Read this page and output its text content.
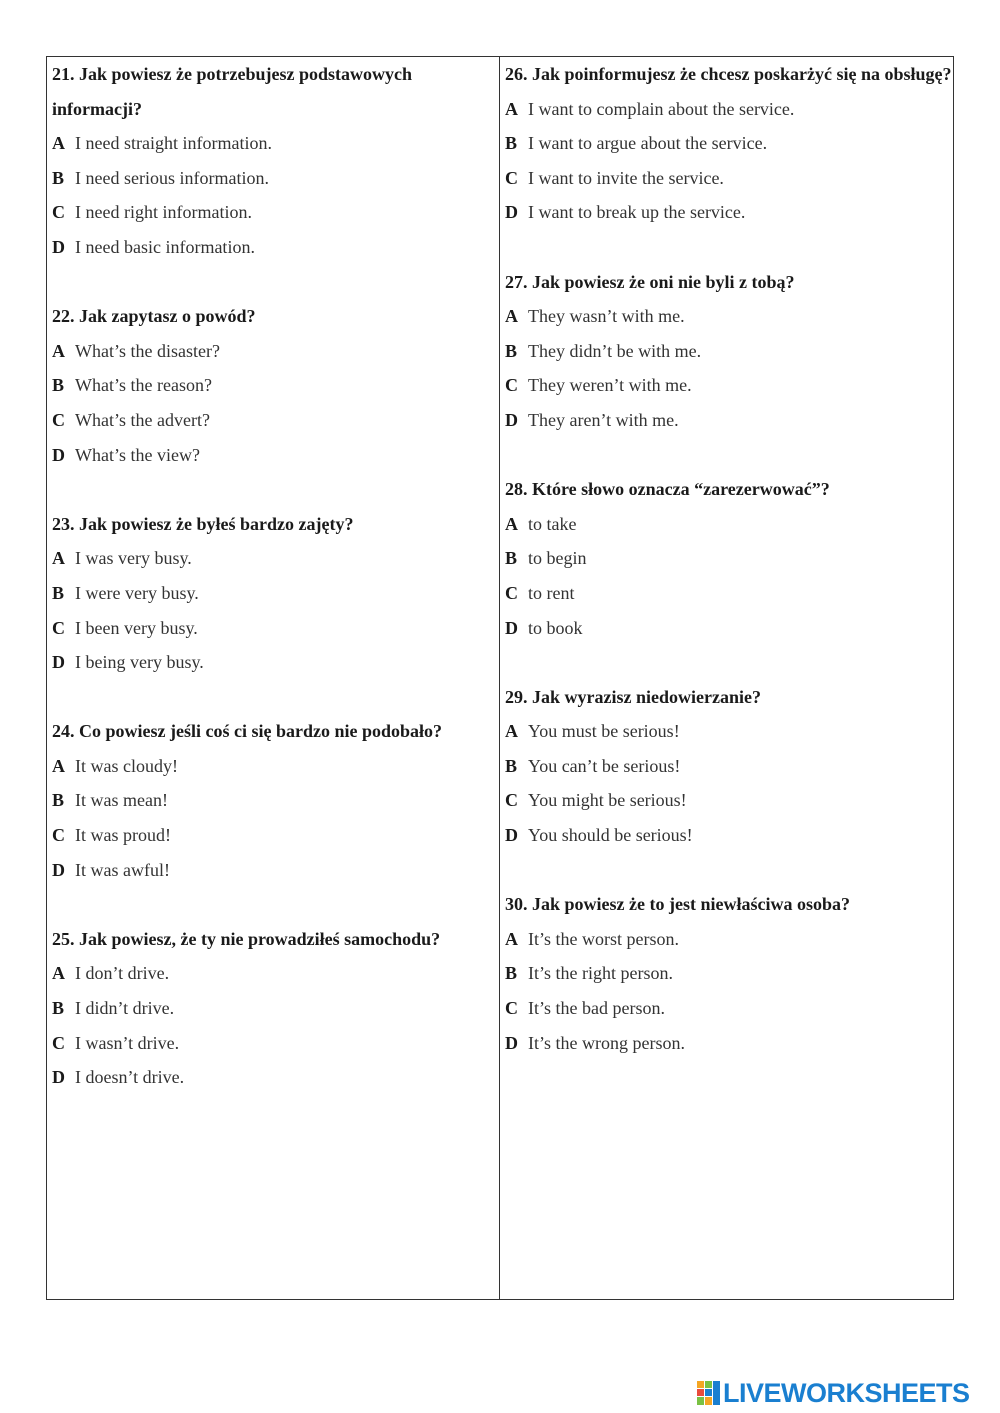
21. Jak powiesz że potrzebujesz podstawowych informacji?

A I need straight information.

B I need serious information.

C I need right information.

D I need basic information.

22. Jak zapytasz o powód?

A What’s the disaster?

B What’s the reason?

C What’s the advert?

D What’s the view?

23. Jak powiesz że byłeś bardzo zajęty?

A I was very busy.

B I were very busy.

C I been very busy.

D I being very busy.

24. Co powiesz jeśli coś ci się bardzo nie podobało?

A It was cloudy!

B It was mean!

C It was proud!

D It was awful!

25. Jak powiesz, że ty nie prowadziłeś samochodu?

A I don’t drive.

B I didn’t drive.

C I wasn’t drive.

D I doesn’t drive.

26. Jak poinformujesz że chcesz poskarżyć się na obsługę?

A I want to complain about the service.

B I want to argue about the service.

C I want to invite the service.

D I want to break up the service.

27. Jak powiesz że oni nie byli z tobą?

A They wasn’t with me.

B They didn’t be with me.

C They weren’t with me.

D They aren’t with me.

28. Które słowo oznacza “zarezerwować”?

A to take

B to begin

C to rent

D to book

29. Jak wyrazisz niedowierzanie?

A You must be serious!

B You can’t be serious!

C You might be serious!

D You should be serious!

30. Jak powiesz że to jest niewłaściwa osoba?

A It’s the worst person.

B It’s the right person.

C It’s the bad person.

D It’s the wrong person.

LIVEWORKSHEETS
